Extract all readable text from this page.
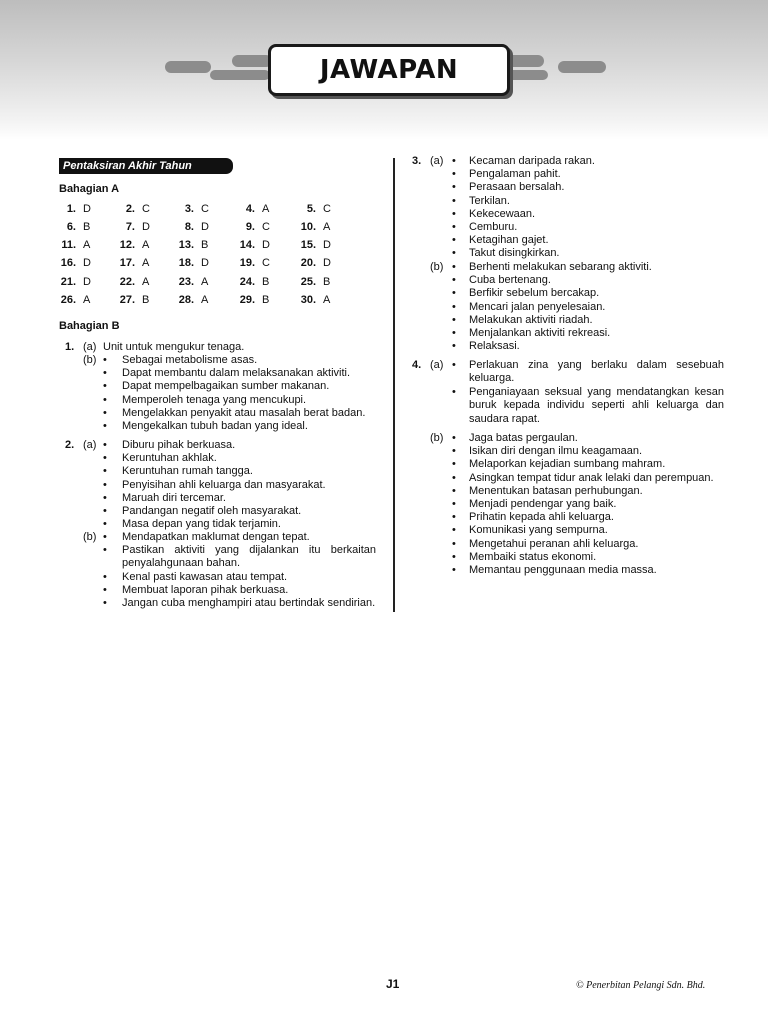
JAWAPAN
Pentaksiran Akhir Tahun
Bahagian A
1. D	2. C	3. C	4. A	5. C
6. B	7. D	8. D	9. C	10. A
11. A	12. A	13. B	14. D	15. D
16. D	17. A	18. D	19. C	20. D
21. D	22. A	23. A	24. B	25. B
26. A	27. B	28. A	29. B	30. A
Bahagian B
1. (a) Unit untuk mengukur tenaga.
(b) • Sebagai metabolisme asas.
• Dapat membantu dalam melaksanakan aktiviti.
• Dapat mempelbagaikan sumber makanan.
• Memperoleh tenaga yang mencukupi.
• Mengelakkan penyakit atau masalah berat badan.
• Mengekalkan tubuh badan yang ideal.
2. (a) • Diburu pihak berkuasa.
• Keruntuhan akhlak.
• Keruntuhan rumah tangga.
• Penyisihan ahli keluarga dan masyarakat.
• Maruah diri tercemar.
• Pandangan negatif oleh masyarakat.
• Masa depan yang tidak terjamin.
(b) • Mendapatkan maklumat dengan tepat.
• Pastikan aktiviti yang dijalankan itu berkaitan
penyalahgunaan bahan.
• Kenal pasti kawasan atau tempat.
• Membuat laporan pihak berkuasa.
• Jangan cuba menghampiri atau bertindak sendirian.
3. (a) • Kecaman daripada rakan.
• Pengalaman pahit.
• Perasaan bersalah.
• Terkilan.
• Kekecewaan.
• Cemburu.
• Ketagihan gajet.
• Takut disingkirkan.
(b) • Berhenti melakukan sebarang aktiviti.
• Cuba bertenang.
• Berfikir sebelum bercakap.
• Mencari jalan penyelesaian.
• Melakukan aktiviti riadah.
• Menjalankan aktiviti rekreasi.
• Relaksasi.
4. (a) • Perlakuan zina yang berlaku dalam sesebuah
keluarga.
• Penganiayaan seksual yang mendatangkan kesan
buruk kepada individu seperti ahli keluarga dan
saudara rapat.
(b) • Jaga batas pergaulan.
• Isikan diri dengan ilmu keagamaan.
• Melaporkan kejadian sumbang mahram.
• Asingkan tempat tidur anak lelaki dan perempuan.
• Menentukan batasan perhubungan.
• Menjadi pendengar yang baik.
• Prihatin kepada ahli keluarga.
• Komunikasi yang sempurna.
• Mengetahui peranan ahli keluarga.
• Membaiki status ekonomi.
• Memantau penggunaan media massa.
J1	© Penerbitan Pelangi Sdn. Bhd.
